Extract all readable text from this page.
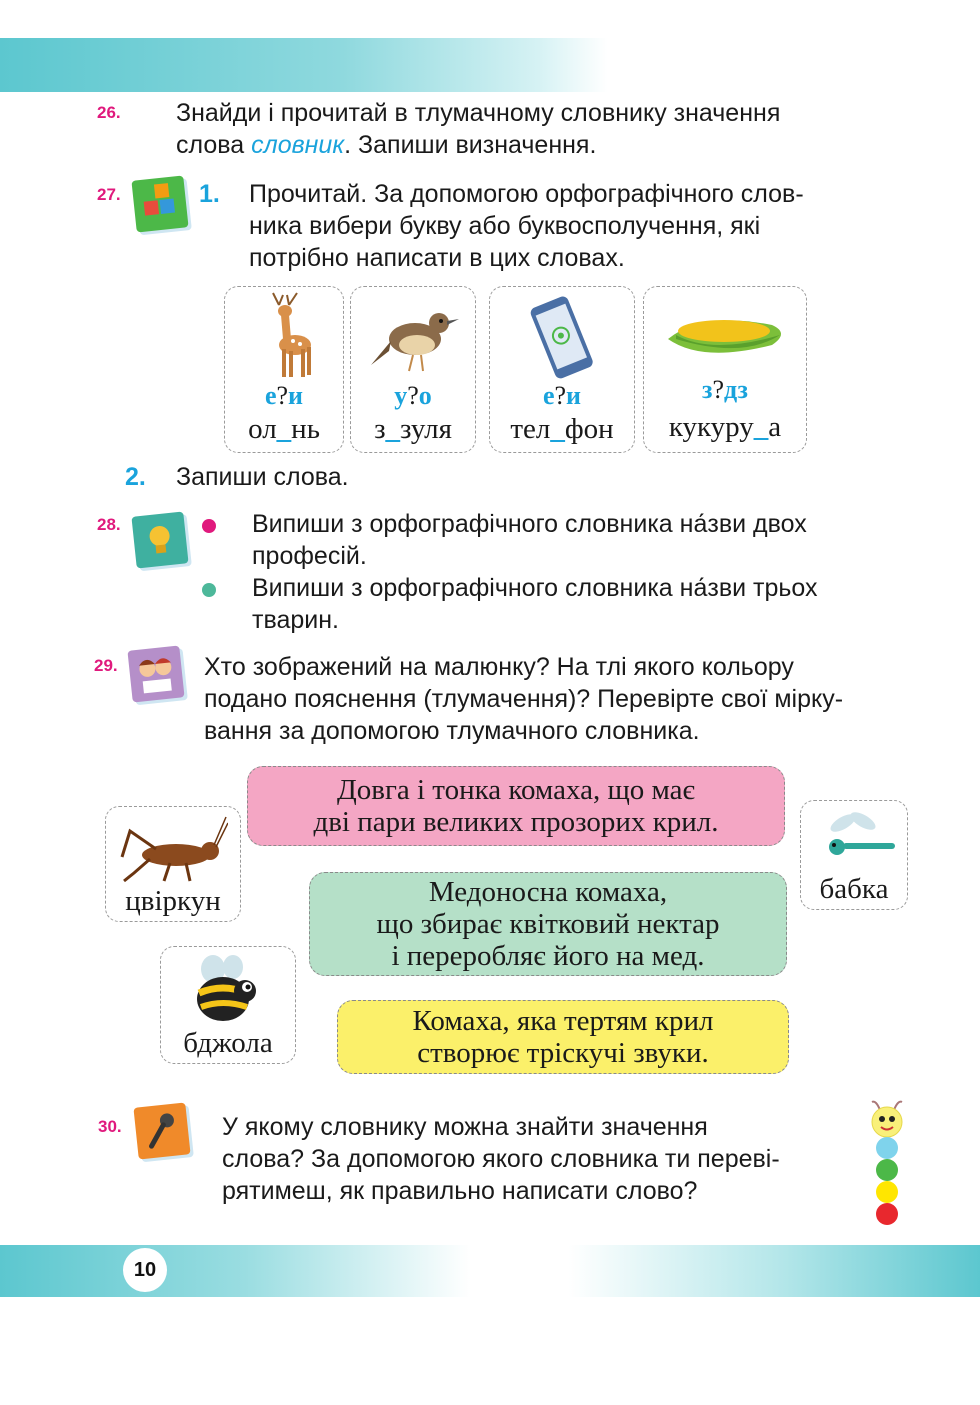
26. Знайди і прочитай в тлумачному словнику значення
слова словник. Запиши визначення.
27.	1. Прочитай. За допомогою орфографічного слов-
ника вибери букву або буквосполучення, які
потрібно написати в цих словах.
е?и
ол_нь
у?о
з_зуля
е?и
тел_фон
з?дз
кукуру_а
2. Запиши слова.
28.	Випиши з орфографічного словника на́зви двох
професій.
Випиши з орфографічного словника на́зви трьох
тварин.
29.	Хто зображений на малюнку? На тлі якого кольору
подано пояснення (тлумачення)? Перевірте свої мірку-
вання за допомогою тлумачного словника.
Довга і тонка комаха, що має
дві пари великих прозорих крил.
Медоносна комаха,
що збирає квітковий нектар
і переробляє його на мед.
Комаха, яка тертям крил
створює тріскучі звуки.
цвіркун	бабка
бджола
30.	У якому словнику можна знайти значення
слова? За допомогою якого словника ти переві-
рятимеш, як правильно написати слово?
10
